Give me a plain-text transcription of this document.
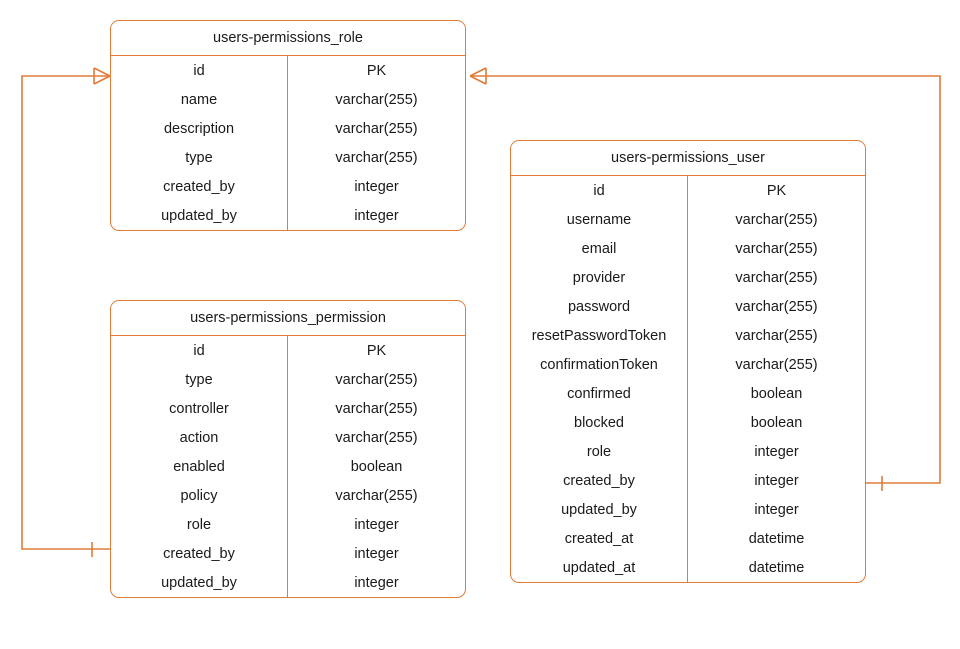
users-permissions_role
id	PK
name	varchar(255)
description	varchar(255)
type	varchar(255)
created_by	integer
updated_by	integer
users-permissions_permission
id	PK
type	varchar(255)
controller	varchar(255)
action	varchar(255)
enabled	boolean
policy	varchar(255)
role	integer
created_by	integer
updated_by	integer
users-permissions_user
id	PK
username	varchar(255)
email	varchar(255)
provider	varchar(255)
password	varchar(255)
resetPasswordToken	varchar(255)
confirmationToken	varchar(255)
confirmed	boolean
blocked	boolean
role	integer
created_by	integer
updated_by	integer
created_at	datetime
updated_at	datetime
